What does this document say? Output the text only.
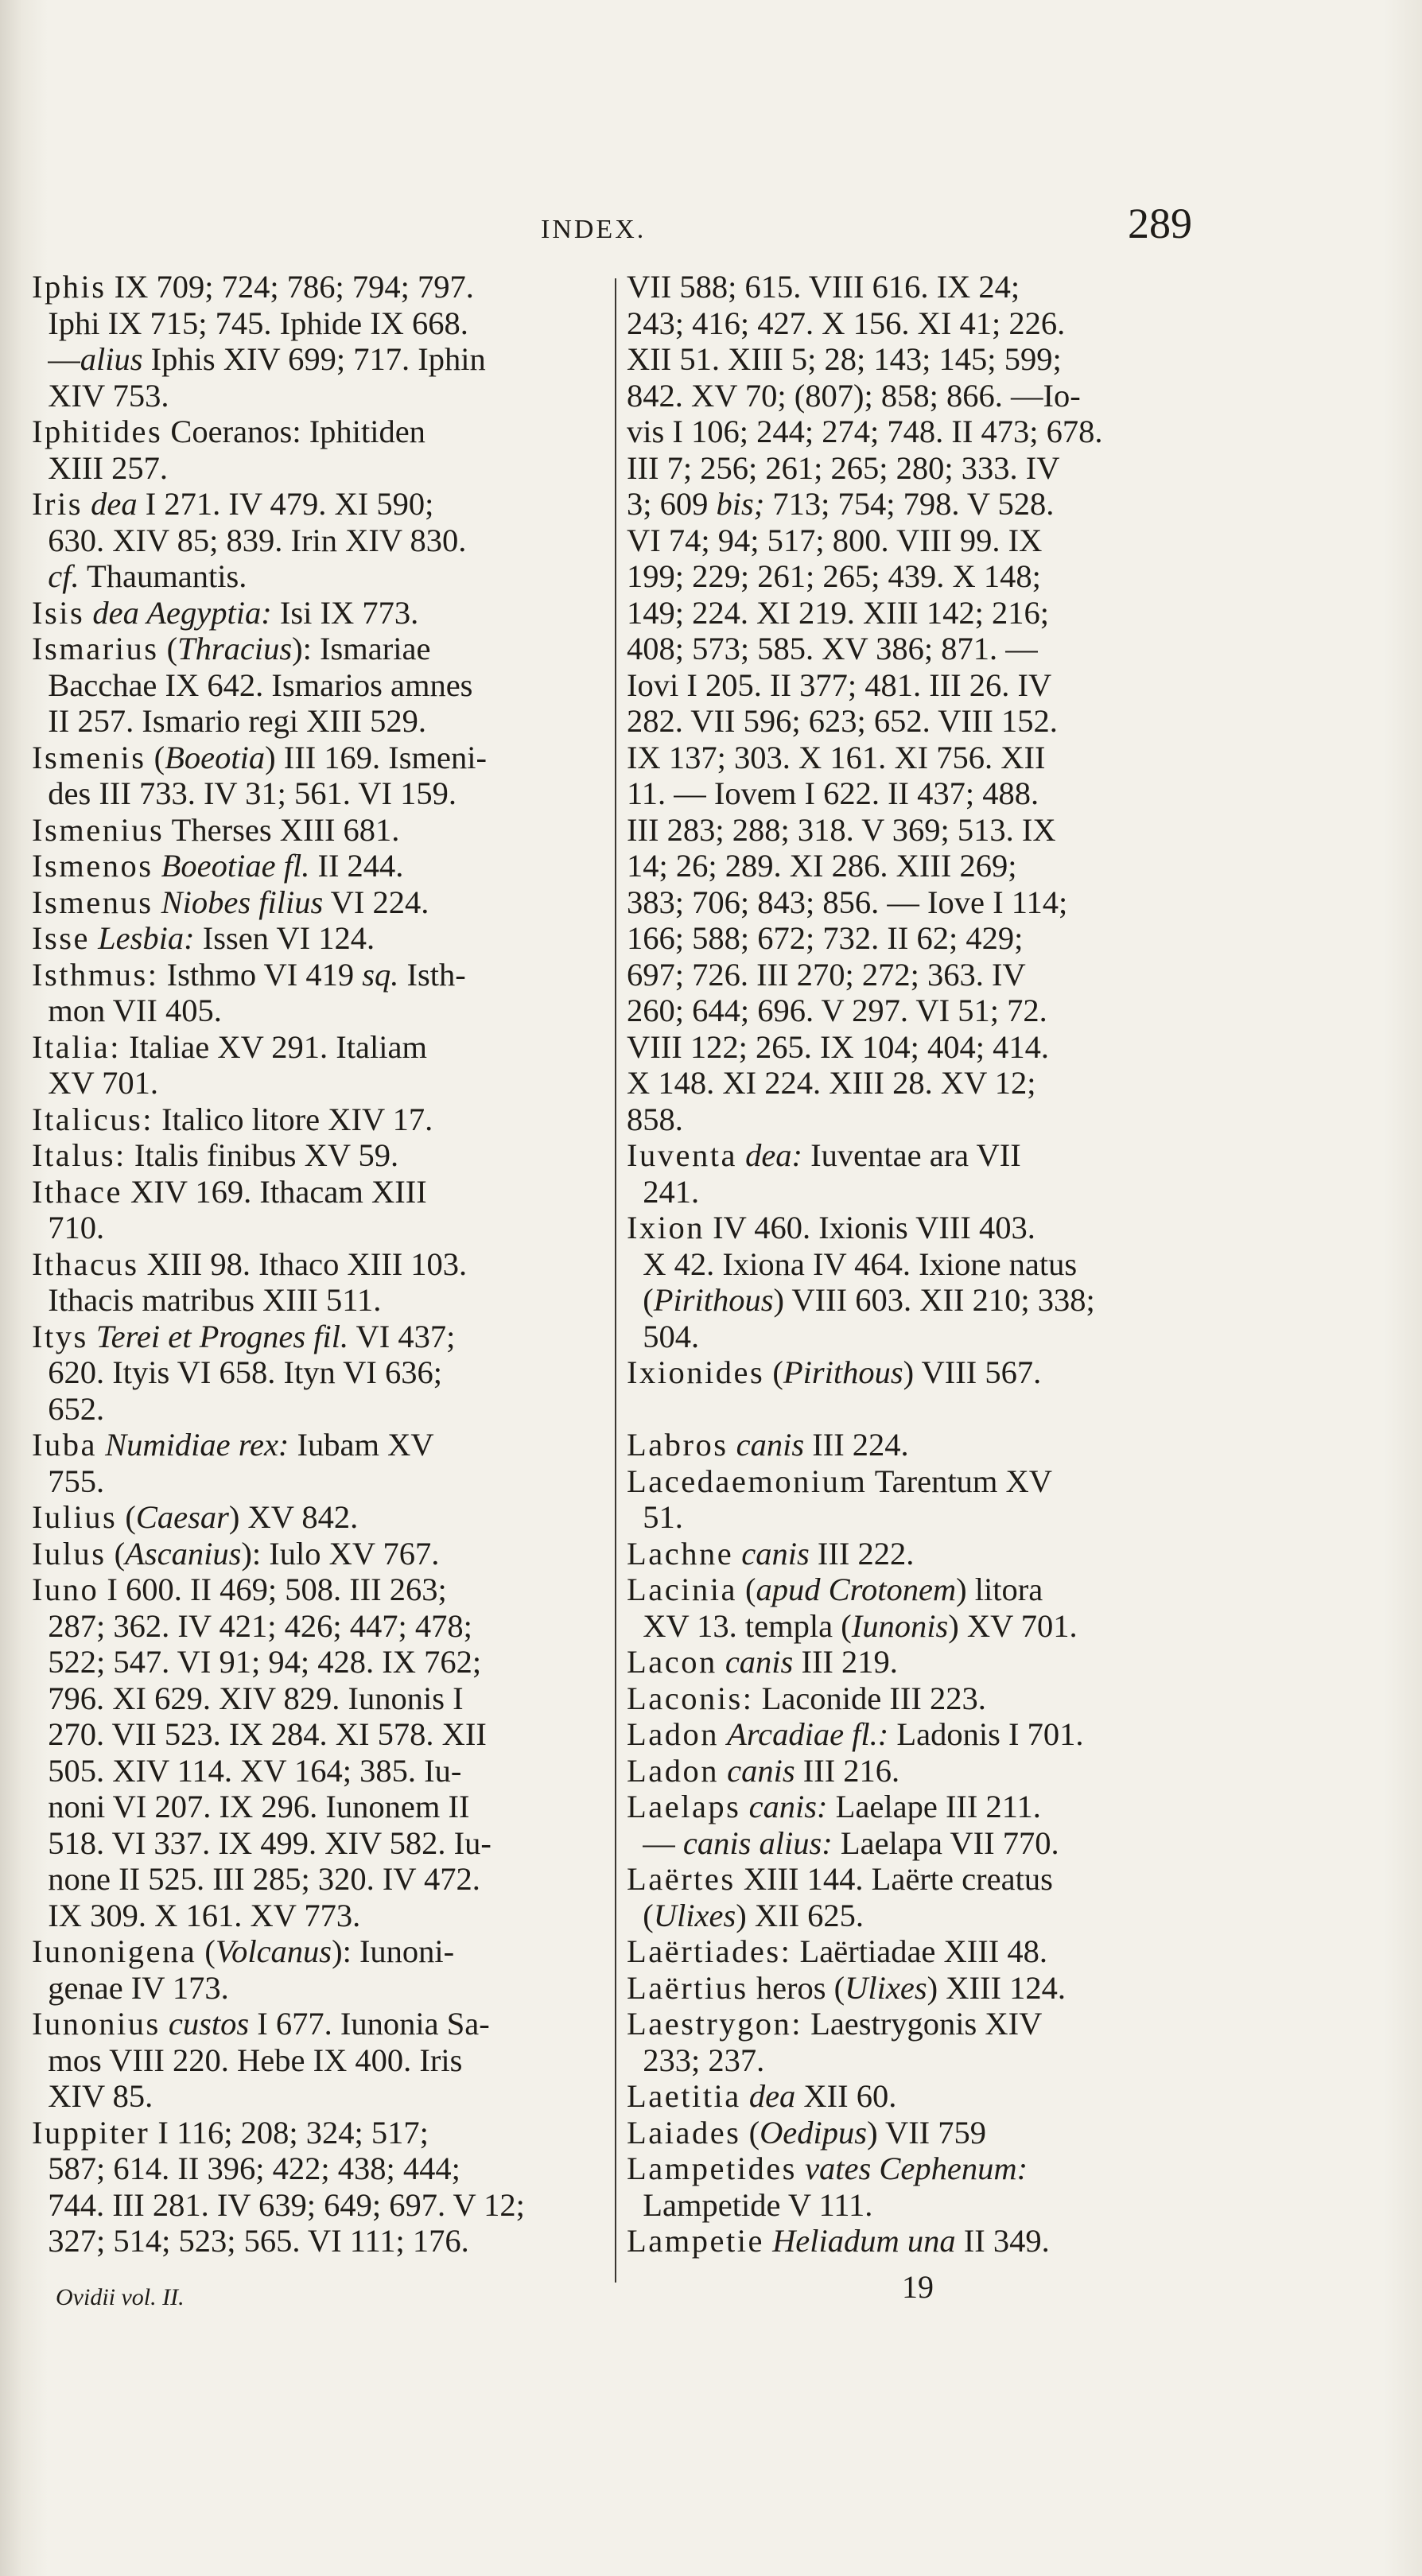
INDEX.	289
Iphis IX 709; 724; 786; 794; 797.
Iphi IX 715; 745. Iphide IX 668.
—alius Iphis XIV 699; 717. Iphin
XIV 753.
Iphitides Coeranos: Iphitiden
XIII 257.
Iris dea I 271. IV 479. XI 590;
630. XIV 85; 839. Irin XIV 830.
cf. Thaumantis.
Isis dea Aegyptia: Isi IX 773.
Ismarius (Thracius): Ismariae
Bacchae IX 642. Ismarios amnes
II 257. Ismario regi XIII 529.
Ismenis (Boeotia) III 169. Ismeni-
des III 733. IV 31; 561. VI 159.
Ismenius Therses XIII 681.
Ismenos Boeotiae fl. II 244.
Ismenus Niobes filius VI 224.
Isse Lesbia: Issen VI 124.
Isthmus: Isthmo VI 419 sq. Isth-
mon VII 405.
Italia: Italiae XV 291. Italiam
XV 701.
Italicus: Italico litore XIV 17.
Italus: Italis finibus XV 59.
Ithace XIV 169. Ithacam XIII
710.
Ithacus XIII 98. Ithaco XIII 103.
Ithacis matribus XIII 511.
Itys Terei et Prognes fil. VI 437;
620. Ityis VI 658. Ityn VI 636;
652.
Iuba Numidiae rex: Iubam XV
755.
Iulius (Caesar) XV 842.
Iulus (Ascanius): Iulo XV 767.
Iuno I 600. II 469; 508. III 263;
287; 362. IV 421; 426; 447; 478;
522; 547. VI 91; 94; 428. IX 762;
796. XI 629. XIV 829. Iunonis I
270. VII 523. IX 284. XI 578. XII
505. XIV 114. XV 164; 385. Iu-
noni VI 207. IX 296. Iunonem II
518. VI 337. IX 499. XIV 582. Iu-
none II 525. III 285; 320. IV 472.
IX 309. X 161. XV 773.
Iunonigena (Volcanus): Iunoni-
genae IV 173.
Iunonius custos I 677. Iunonia Sa-
mos VIII 220. Hebe IX 400. Iris
XIV 85.
Iuppiter I 116; 208; 324; 517;
587; 614. II 396; 422; 438; 444;
744. III 281. IV 639; 649; 697. V 12;
327; 514; 523; 565. VI 111; 176.
VII 588; 615. VIII 616. IX 24;
243; 416; 427. X 156. XI 41; 226.
XII 51. XIII 5; 28; 143; 145; 599;
842. XV 70; (807); 858; 866. —Io-
vis I 106; 244; 274; 748. II 473; 678.
III 7; 256; 261; 265; 280; 333. IV
3; 609 bis; 713; 754; 798. V 528.
VI 74; 94; 517; 800. VIII 99. IX
199; 229; 261; 265; 439. X 148;
149; 224. XI 219. XIII 142; 216;
408; 573; 585. XV 386; 871. —
Iovi I 205. II 377; 481. III 26. IV
282. VII 596; 623; 652. VIII 152.
IX 137; 303. X 161. XI 756. XII
11. — Iovem I 622. II 437; 488.
III 283; 288; 318. V 369; 513. IX
14; 26; 289. XI 286. XIII 269;
383; 706; 843; 856. — Iove I 114;
166; 588; 672; 732. II 62; 429;
697; 726. III 270; 272; 363. IV
260; 644; 696. V 297. VI 51; 72.
VIII 122; 265. IX 104; 404; 414.
X 148. XI 224. XIII 28. XV 12;
858.
Iuventa dea: Iuventae ara VII
241.
Ixion IV 460. Ixionis VIII 403.
X 42. Ixiona IV 464. Ixione natus
(Pirithous) VIII 603. XII 210; 338;
504.
Ixionides (Pirithous) VIII 567.
Labros canis III 224.
Lacedaemonium Tarentum XV
51.
Lachne canis III 222.
Lacinia (apud Crotonem) litora
XV 13. templa (Iunonis) XV 701.
Lacon canis III 219.
Laconis: Laconide III 223.
Ladon Arcadiae fl.: Ladonis I 701.
Ladon canis III 216.
Laelaps canis: Laelape III 211.
— canis alius: Laelapa VII 770.
Laërtes XIII 144. Laërte creatus
(Ulixes) XII 625.
Laërtiades: Laërtiadae XIII 48.
Laërtius heros (Ulixes) XIII 124.
Laestrygon: Laestrygonis XIV
233; 237.
Laetitia dea XII 60.
Laiades (Oedipus) VII 759
Lampetides vates Cephenum:
Lampetide V 111.
Lampetie Heliadum una II 349.
Ovidii vol. II.	19
